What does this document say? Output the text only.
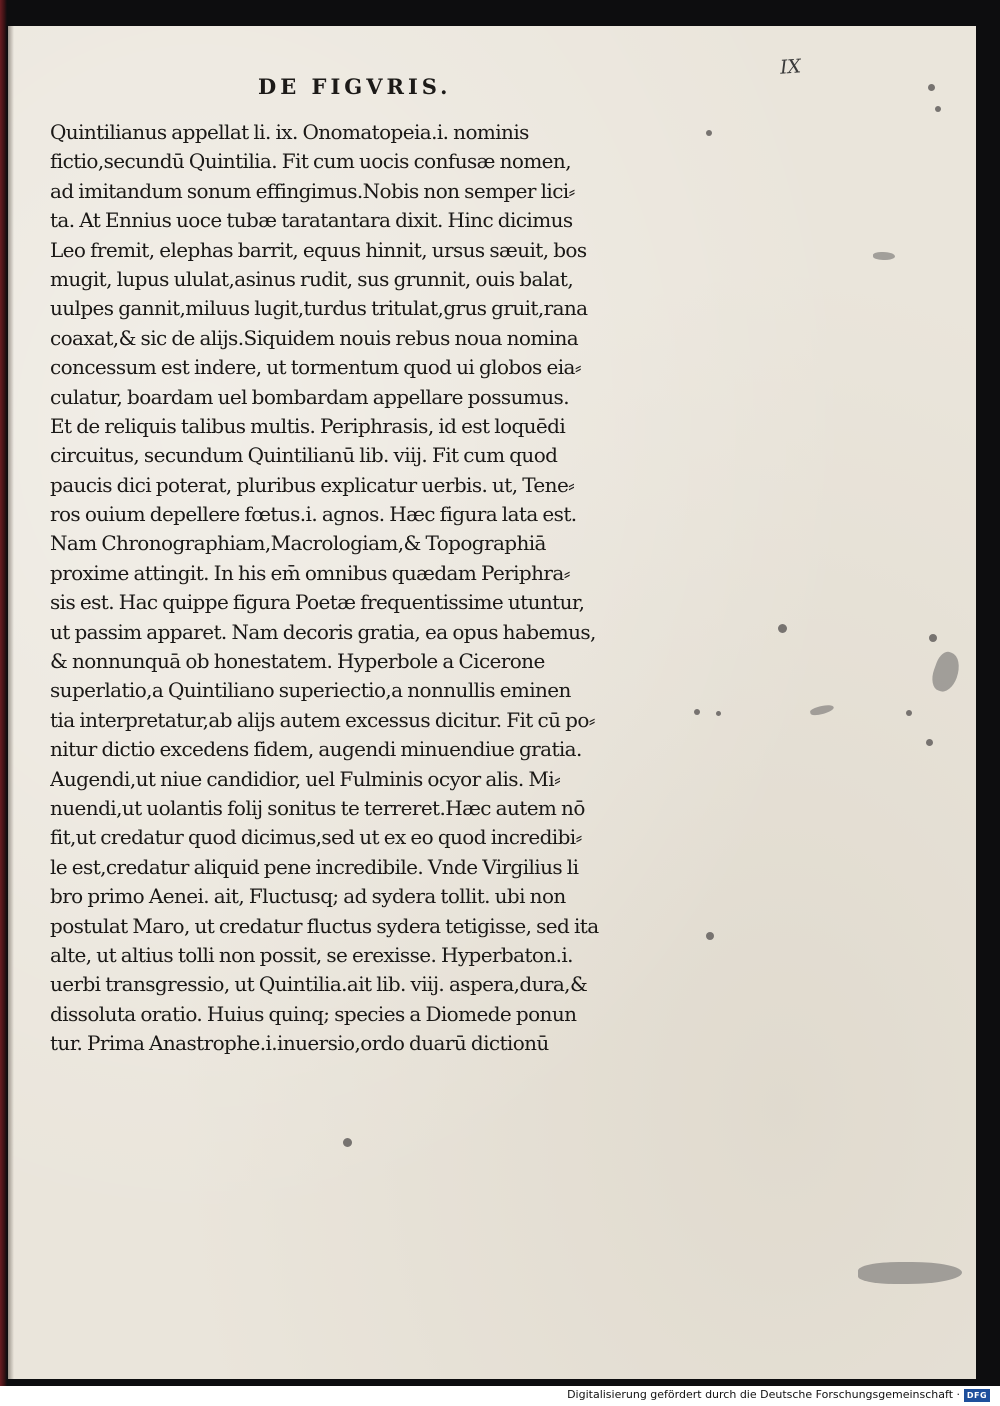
DE FIGVRIS.
IX
Quintilianus appellat li. ix. Onomatopeia.i. nominis
fictio,secundū Quintilia. Fit cum uocis confusæ nomen,
ad imitandum sonum effingimus.Nobis non semper lici⸗
ta. At Ennius uoce tubæ taratantara dixit. Hinc dicimus
Leo fremit, elephas barrit, equus hinnit, ursus sæuit, bos
mugit, lupus ululat,asinus rudit, sus grunnit, ouis balat,
uulpes gannit,miluus lugit,turdus tritulat,grus gruit,rana
coaxat,& sic de alijs.Siquidem nouis rebus noua nomina
concessum est indere, ut tormentum quod ui globos eia⸗
culatur, boardam uel bombardam appellare possumus.
Et de reliquis talibus multis. Periphrasis, id est loquēdi
circuitus, secundum Quintilianū lib. viij. Fit cum quod
paucis dici poterat, pluribus explicatur uerbis. ut, Tene⸗
ros ouium depellere fœtus.i. agnos. Hæc figura lata est.
Nam Chronographiam,Macrologiam,& Topographiā
proxime attingit. In his em̄ omnibus quædam Periphra⸗
sis est. Hac quippe figura Poetæ frequentissime utuntur,
ut passim apparet. Nam decoris gratia, ea opus habemus,
& nonnunquā ob honestatem. Hyperbole a Cicerone
superlatio,a Quintiliano superiectio,a nonnullis eminen
tia interpretatur,ab alijs autem excessus dicitur. Fit cū po⸗
nitur dictio excedens fidem, augendi minuendiue gratia.
Augendi,ut niue candidior, uel Fulminis ocyor alis. Mi⸗
nuendi,ut uolantis folij sonitus te terreret.Hæc autem nō
fit,ut credatur quod dicimus,sed ut ex eo quod incredibi⸗
le est,credatur aliquid pene incredibile. Vnde Virgilius li
bro primo Aenei. ait, Fluctusq; ad sydera tollit. ubi non
postulat Maro, ut credatur fluctus sydera tetigisse, sed ita
alte, ut altius tolli non possit, se erexisse. Hyperbaton.i.
uerbi transgressio, ut Quintilia.ait lib. viij. aspera,dura,&
dissoluta oratio. Huius quinq; species a Diomede ponun
tur. Prima Anastrophe.i.inuersio,ordo duarū dictionū
Digitalisierung gefördert durch die Deutsche Forschungsgemeinschaft · DFG
